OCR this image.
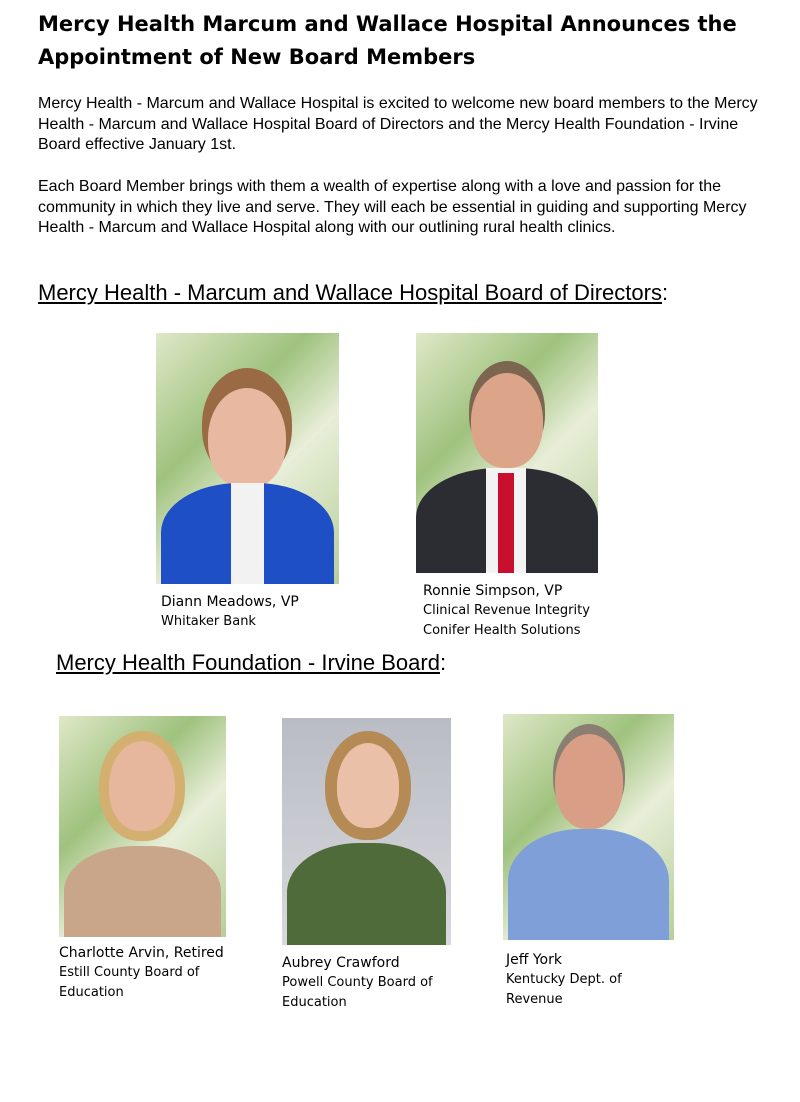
Mercy Health Marcum and Wallace Hospital Announces the Appointment of New Board Members

Mercy Health - Marcum and Wallace Hospital is excited to welcome new board members to the Mercy Health - Marcum and Wallace Hospital Board of Directors and the Mercy Health Foundation - Irvine Board effective January 1st.

Each Board Member brings with them a wealth of expertise along with a love and passion for the community in which they live and serve. They will each be essential in guiding and supporting Mercy Health - Marcum and Wallace Hospital along with our outlining rural health clinics.

Mercy Health - Marcum and Wallace Hospital Board of Directors:
Diann Meadows, VP
Whitaker Bank
Ronnie Simpson, VP
Clinical Revenue Integrity
Conifer Health Solutions
Mercy Health Foundation - Irvine Board:
Charlotte Arvin, Retired
Estill County Board of
Education
Aubrey Crawford
Powell County Board of
Education
Jeff York
Kentucky Dept. of
Revenue
